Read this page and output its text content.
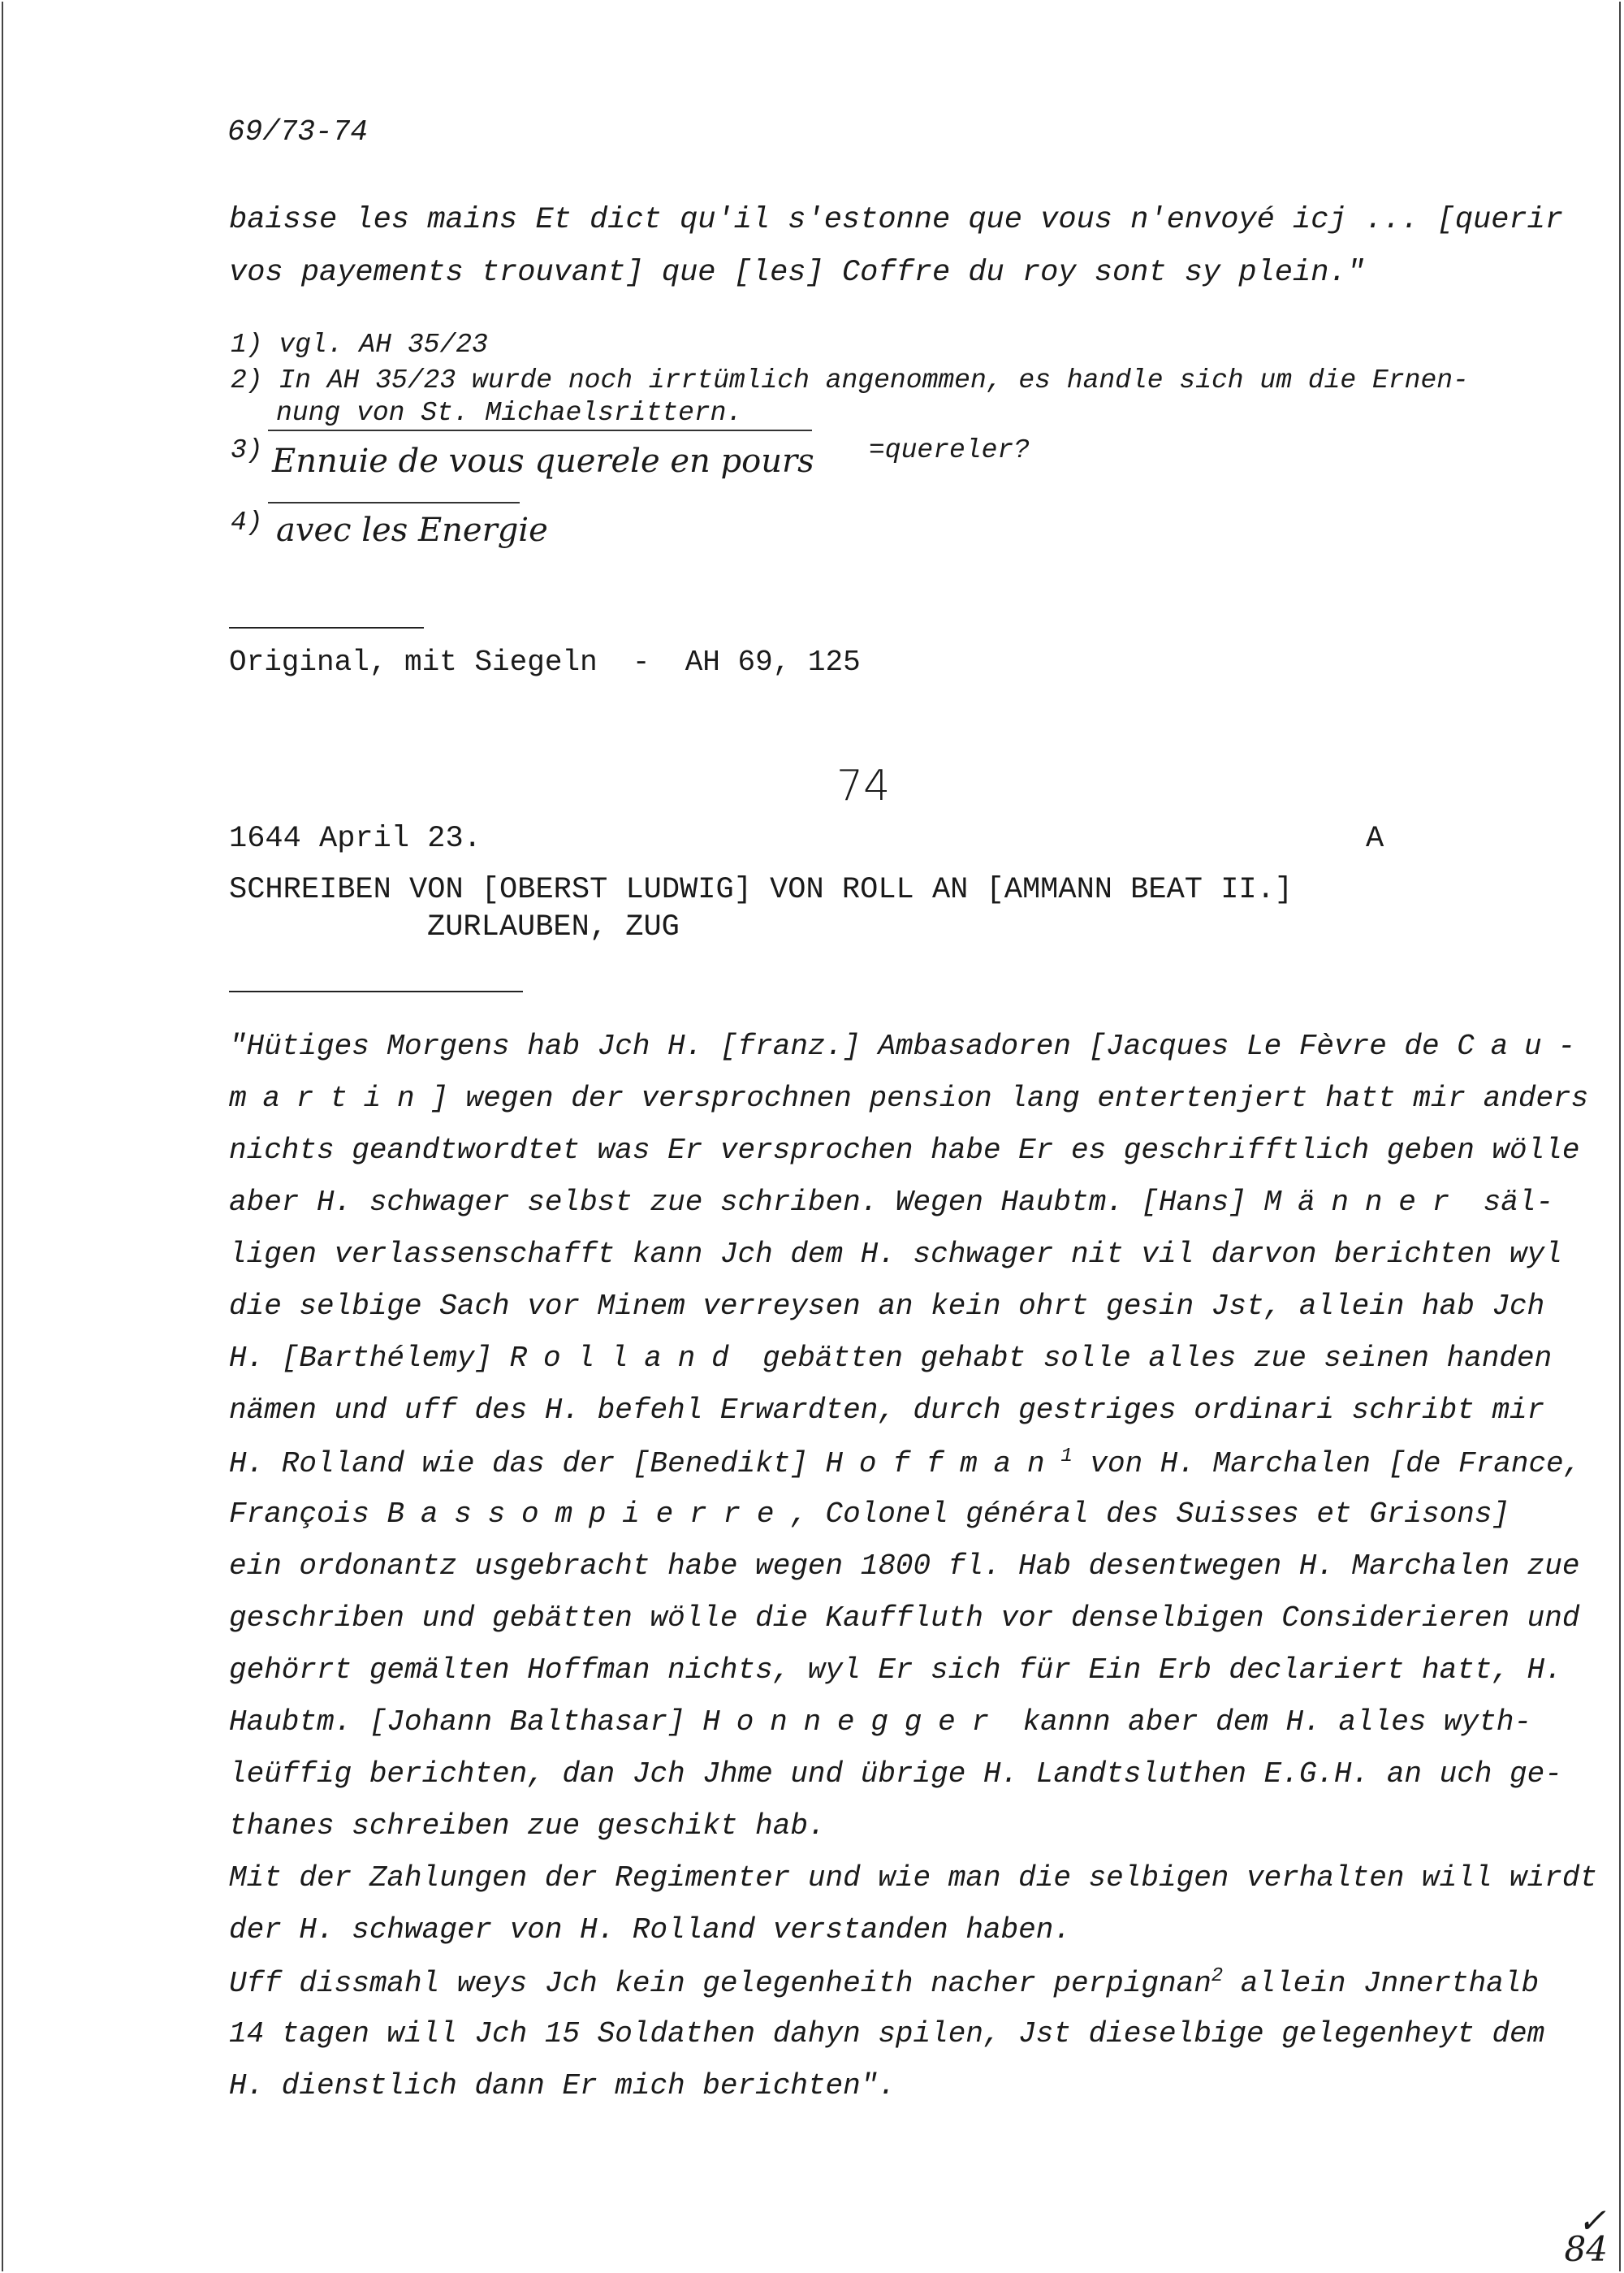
69/73-74
baisse les mains Et dict qu'il s'estonne que vous n'envoyé icj ... [querir
vos payements trouvant] que [les] Coffre du roy sont sy plein."
1) vgl. AH 35/23
2) In AH 35/23 wurde noch irrtümlich angenommen, es handle sich um die Ernen-
nung von St. Michaelsrittern.
3) Ennuie de vous querele en pours =quereler?
4) avec les Energie
Original, mit Siegeln  -  AH 69, 125
74
1644 April 23.	A
SCHREIBEN VON [OBERST LUDWIG] VON ROLL AN [AMMANN BEAT II.]
ZURLAUBEN, ZUG
"Hütiges Morgens hab Jch H. [franz.] Ambasadoren [Jacques Le Fèvre de Cau-
martin] wegen der versprochnen pension lang entertenjert hatt mir anders
nichts geandtwordtet was Er versprochen habe Er es geschrifftlich geben wölle
aber H. schwager selbst zue schriben. Wegen Haubtm. [Hans] Männer säl-
ligen verlassenschafft kann Jch dem H. schwager nit vil darvon berichten wyl
die selbige Sach vor Minem verreysen an kein ohrt gesin Jst, allein hab Jch
H. [Barthélemy] Rolland gebätten gehabt solle alles zue seinen handen
nämen und uff des H. befehl Erwardten, durch gestriges ordinari schribt mir
H. Rolland wie das der [Benedikt] Hoffman$^1$ von H. Marchalen [de France,
François Bassompierre, Colonel général des Suisses et Grisons]
ein ordonantz usgebracht habe wegen 1800 fl. Hab desentwegen H. Marchalen zue
geschriben und gebätten wölle die Kauffluth vor denselbigen Considerieren und
gehörrt gemälten Hoffman nichts, wyl Er sich für Ein Erb declariert hatt, H.
Haubtm. [Johann Balthasar] Honnegger kannn aber dem H. alles wyth-
leüffig berichten, dan Jch Jhme und übrige H. Landtsluthen E.G.H. an uch ge-
thanes schreiben zue geschikt hab.
Mit der Zahlungen der Regimenter und wie man die selbigen verhalten will wirdt
der H. schwager von H. Rolland verstanden haben.
Uff dissmahl weys Jch kein gelegenheith nacher perpignan$^2$ allein Jnnerthalb
14 tagen will Jch 15 Soldathen dahyn spilen, Jst dieselbige gelegenheyt dem
H. dienstlich dann Er mich berichten".
✓
84
